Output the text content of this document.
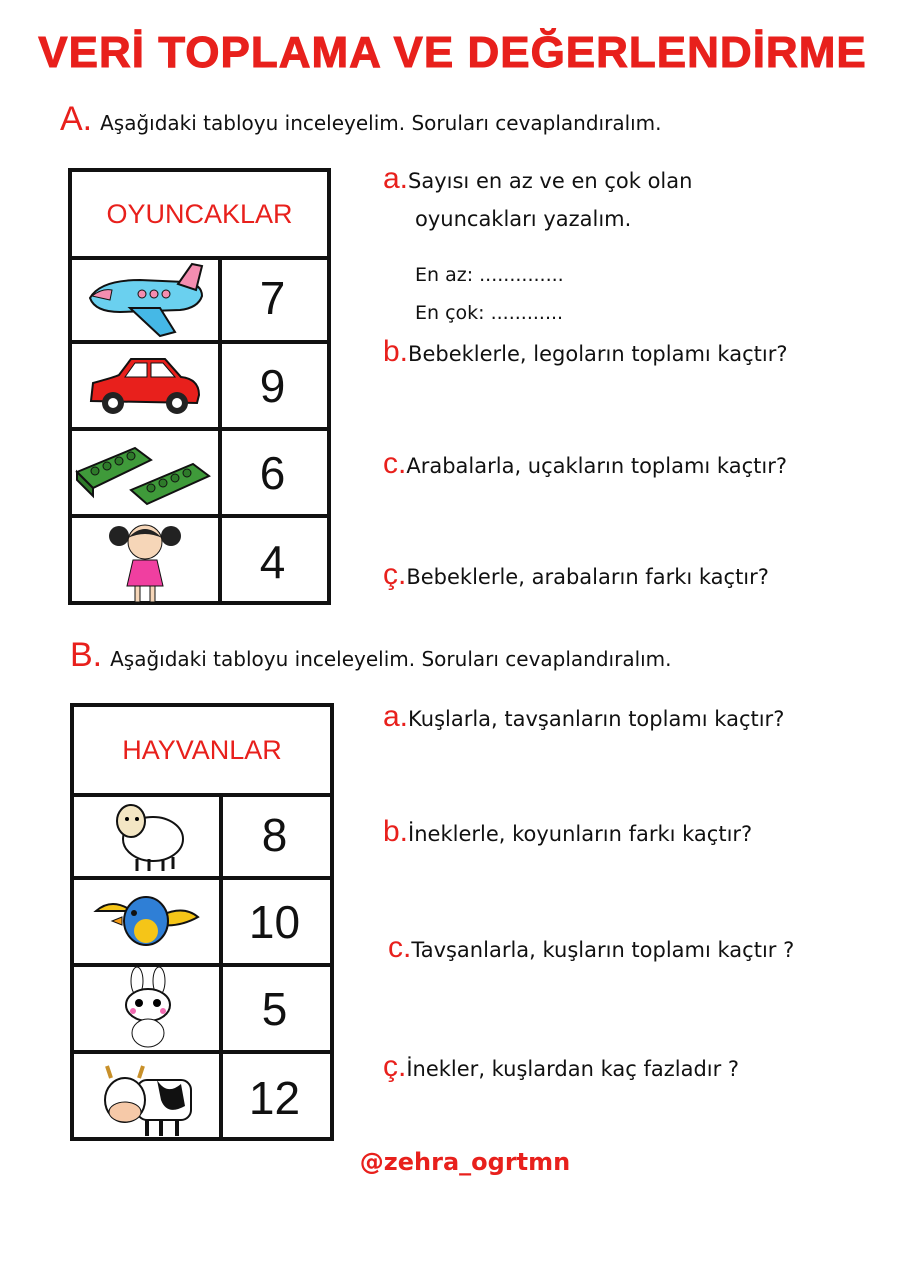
VERİ TOPLAMA VE DEĞERLENDİRME
A. Aşağıdaki tabloyu inceleyelim. Soruları cevaplandıralım.
OYUNCAKLAR
7
9
6
4
a.Sayısı en az ve en çok olan
oyuncakları yazalım.
En az: ..............
En çok: ............
b.Bebeklerle, legoların toplamı kaçtır?
c.Arabalarla, uçakların toplamı kaçtır?
ç.Bebeklerle, arabaların farkı kaçtır?
B. Aşağıdaki tabloyu inceleyelim. Soruları cevaplandıralım.
HAYVANLAR
8
10
5
12
a.Kuşlarla, tavşanların toplamı kaçtır?
b.İneklerle, koyunların farkı kaçtır?
c.Tavşanlarla, kuşların toplamı kaçtır ?
ç.İnekler, kuşlardan kaç fazladır ?
@zehra_ogrtmn
